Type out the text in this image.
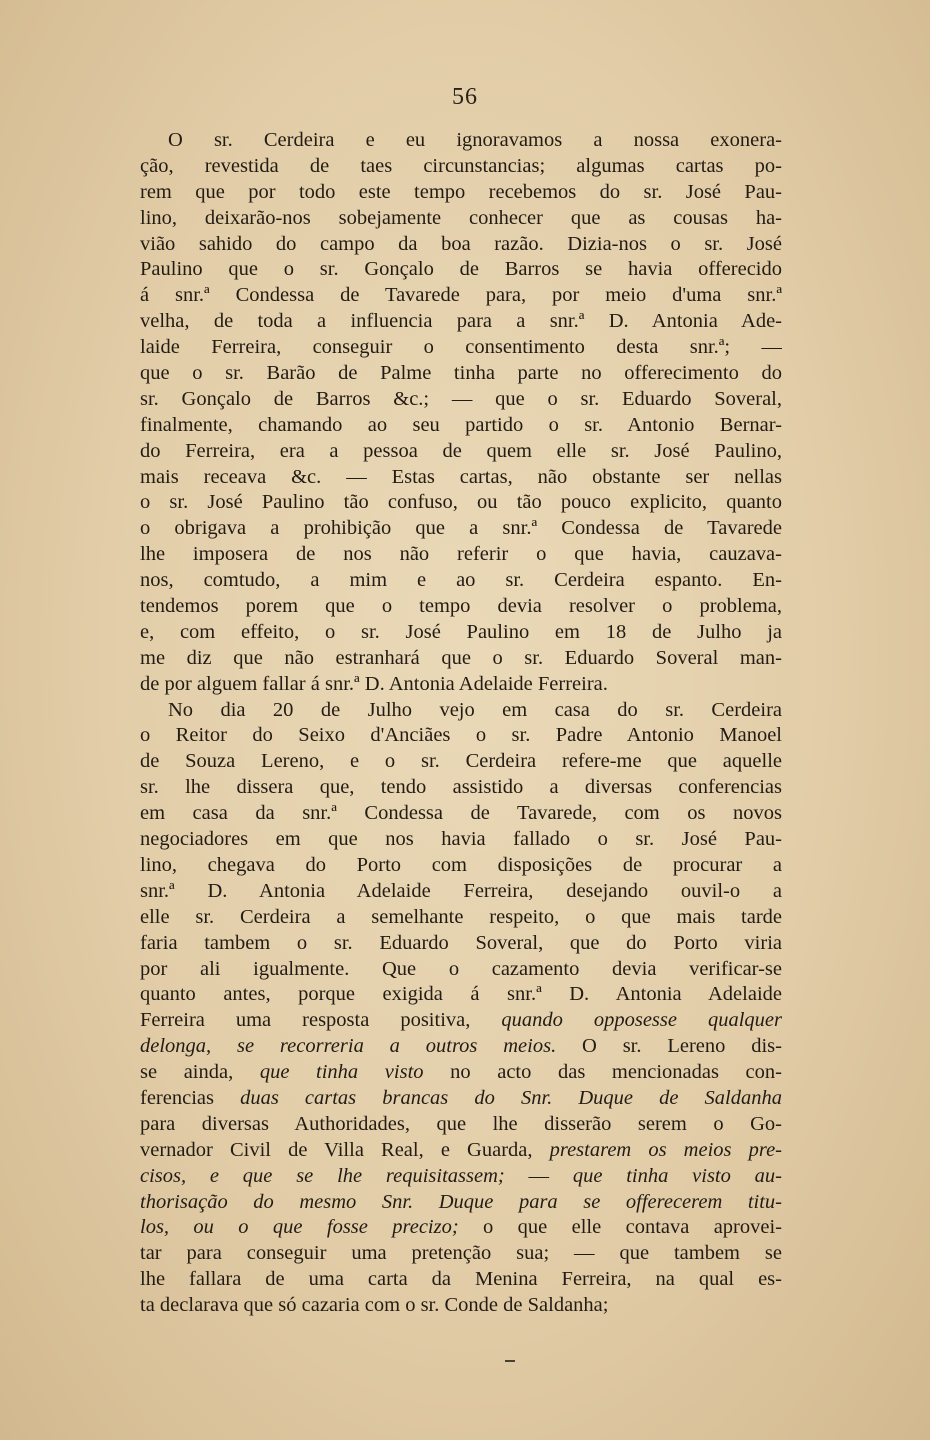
56
O sr. Cerdeira e eu ignoravamos a nossa exonera-
ção, revestida de taes circunstancias; algumas cartas po-
rem que por todo este tempo recebemos do sr. José Pau-
lino, deixarão-nos sobejamente conhecer que as cousas ha-
vião sahido do campo da boa razão. Dizia-nos o sr. José
Paulino que o sr. Gonçalo de Barros se havia offerecido
á snr.ª Condessa de Tavarede para, por meio d'uma snr.ª
velha, de toda a influencia para a snr.ª D. Antonia Ade-
laide Ferreira, conseguir o consentimento desta snr.ª; —
que o sr. Barão de Palme tinha parte no offerecimento do
sr. Gonçalo de Barros &c.; — que o sr. Eduardo Soveral,
finalmente, chamando ao seu partido o sr. Antonio Bernar-
do Ferreira, era a pessoa de quem elle sr. José Paulino,
mais receava &c. — Estas cartas, não obstante ser nellas
o sr. José Paulino tão confuso, ou tão pouco explicito, quanto
o obrigava a prohibição que a snr.ª Condessa de Tavarede
lhe imposera de nos não referir o que havia, cauzava-
nos, comtudo, a mim e ao sr. Cerdeira espanto. En-
tendemos porem que o tempo devia resolver o problema,
e, com effeito, o sr. José Paulino em 18 de Julho ja
me diz que não estranhará que o sr. Eduardo Soveral man-
de por alguem fallar á snr.ª D. Antonia Adelaide Ferreira.
No dia 20 de Julho vejo em casa do sr. Cerdeira
o Reitor do Seixo d'Anciães o sr. Padre Antonio Manoel
de Souza Lereno, e o sr. Cerdeira refere-me que aquelle
sr. lhe dissera que, tendo assistido a diversas conferencias
em casa da snr.ª Condessa de Tavarede, com os novos
negociadores em que nos havia fallado o sr. José Pau-
lino, chegava do Porto com disposições de procurar a
snr.ª D. Antonia Adelaide Ferreira, desejando ouvil-o a
elle sr. Cerdeira a semelhante respeito, o que mais tarde
faria tambem o sr. Eduardo Soveral, que do Porto viria
por ali igualmente. Que o cazamento devia verificar-se
quanto antes, porque exigida á snr.ª D. Antonia Adelaide
Ferreira uma resposta positiva, quando opposesse qualquer
delonga, se recorreria a outros meios. O sr. Lereno dis-
se ainda, que tinha visto no acto das mencionadas con-
ferencias duas cartas brancas do Snr. Duque de Saldanha
para diversas Authoridades, que lhe disserão serem o Go-
vernador Civil de Villa Real, e Guarda, prestarem os meios pre-
cisos, e que se lhe requisitassem; — que tinha visto au-
thorisação do mesmo Snr. Duque para se offerecerem titu-
los, ou o que fosse precizo; o que elle contava aprovei-
tar para conseguir uma pretenção sua; — que tambem se
lhe fallara de uma carta da Menina Ferreira, na qual es-
ta declarava que só cazaria com o sr. Conde de Saldanha;
